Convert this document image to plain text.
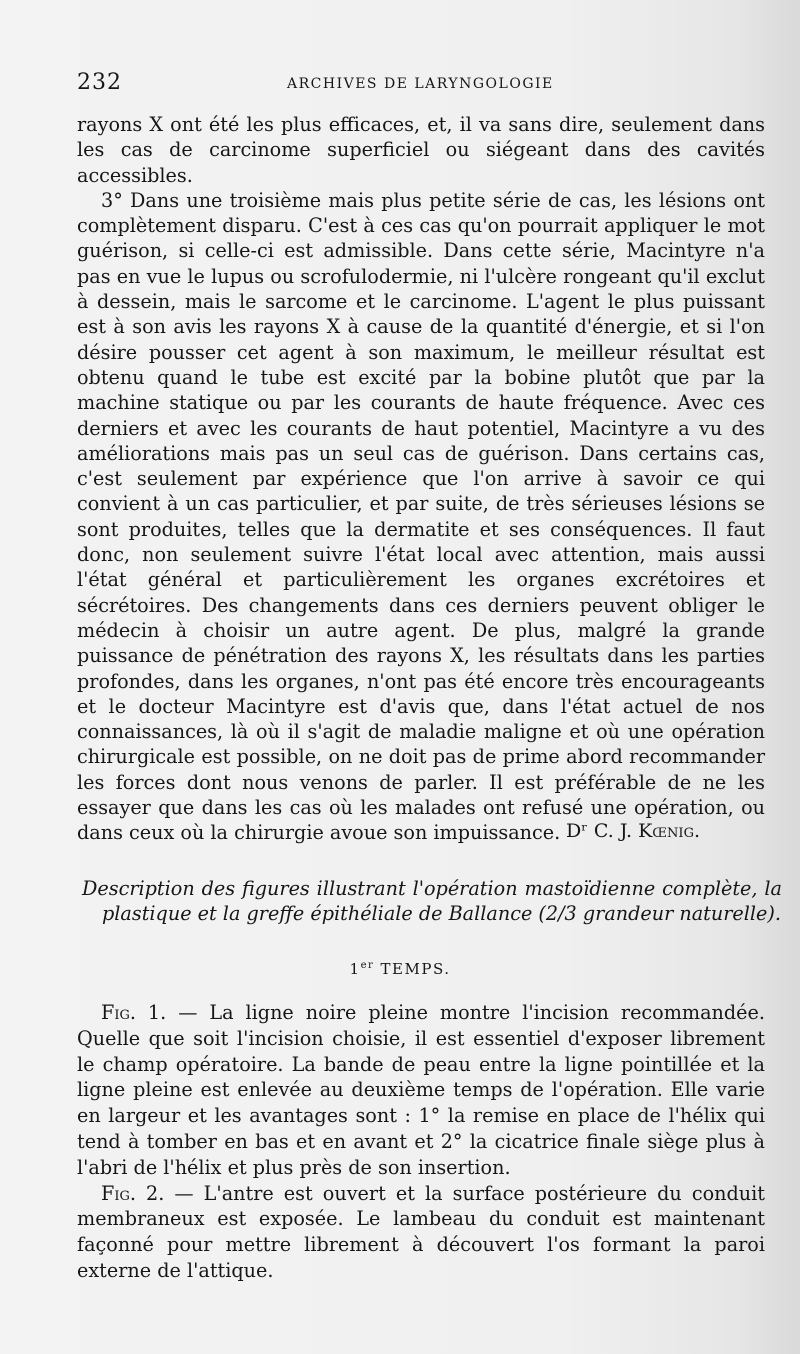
232	ARCHIVES DE LARYNGOLOGIE

rayons X ont été les plus efficaces, et, il va sans dire, seulement dans les cas de carcinome superficiel ou siégeant dans des cavités accessibles.

3° Dans une troisième mais plus petite série de cas, les lésions ont complètement disparu. C'est à ces cas qu'on pourrait appliquer le mot guérison, si celle-ci est admissible. Dans cette série, Macintyre n'a pas en vue le lupus ou scrofulodermie, ni l'ulcère rongeant qu'il exclut à dessein, mais le sarcome et le carcinome. L'agent le plus puissant est à son avis les rayons X à cause de la quantité d'énergie, et si l'on désire pousser cet agent à son maximum, le meilleur résultat est obtenu quand le tube est excité par la bobine plutôt que par la machine statique ou par les courants de haute fréquence. Avec ces derniers et avec les courants de haut potentiel, Macintyre a vu des améliorations mais pas un seul cas de guérison. Dans certains cas, c'est seulement par expérience que l'on arrive à savoir ce qui convient à un cas particulier, et par suite, de très sérieuses lésions se sont produites, telles que la dermatite et ses conséquences. Il faut donc, non seulement suivre l'état local avec attention, mais aussi l'état général et particulièrement les organes excrétoires et sécrétoires. Des changements dans ces derniers peuvent obliger le médecin à choisir un autre agent. De plus, malgré la grande puissance de pénétration des rayons X, les résultats dans les parties profondes, dans les organes, n'ont pas été encore très encourageants et le docteur Macintyre est d'avis que, dans l'état actuel de nos connaissances, là où il s'agit de maladie maligne et où une opération chirurgicale est possible, on ne doit pas de prime abord recommander les forces dont nous venons de parler. Il est préférable de ne les essayer que dans les cas où les malades ont refusé une opération, ou dans ceux où la chirurgie avoue son impuissance. Dʳ C. J. Kœnig.
Description des figures illustrant l'opération mastoïdienne complète, la plastique et la greffe épithéliale de Ballance (2/3 grandeur naturelle).
1er TEMPS.

Fig. 1. — La ligne noire pleine montre l'incision recommandée. Quelle que soit l'incision choisie, il est essentiel d'exposer librement le champ opératoire. La bande de peau entre la ligne pointillée et la ligne pleine est enlevée au deuxième temps de l'opération. Elle varie en largeur et les avantages sont : 1° la remise en place de l'hélix qui tend à tomber en bas et en avant et 2° la cicatrice finale siège plus à l'abri de l'hélix et plus près de son insertion.

Fig. 2. — L'antre est ouvert et la surface postérieure du conduit membraneux est exposée. Le lambeau du conduit est maintenant façonné pour mettre librement à découvert l'os formant la paroi externe de l'attique.
